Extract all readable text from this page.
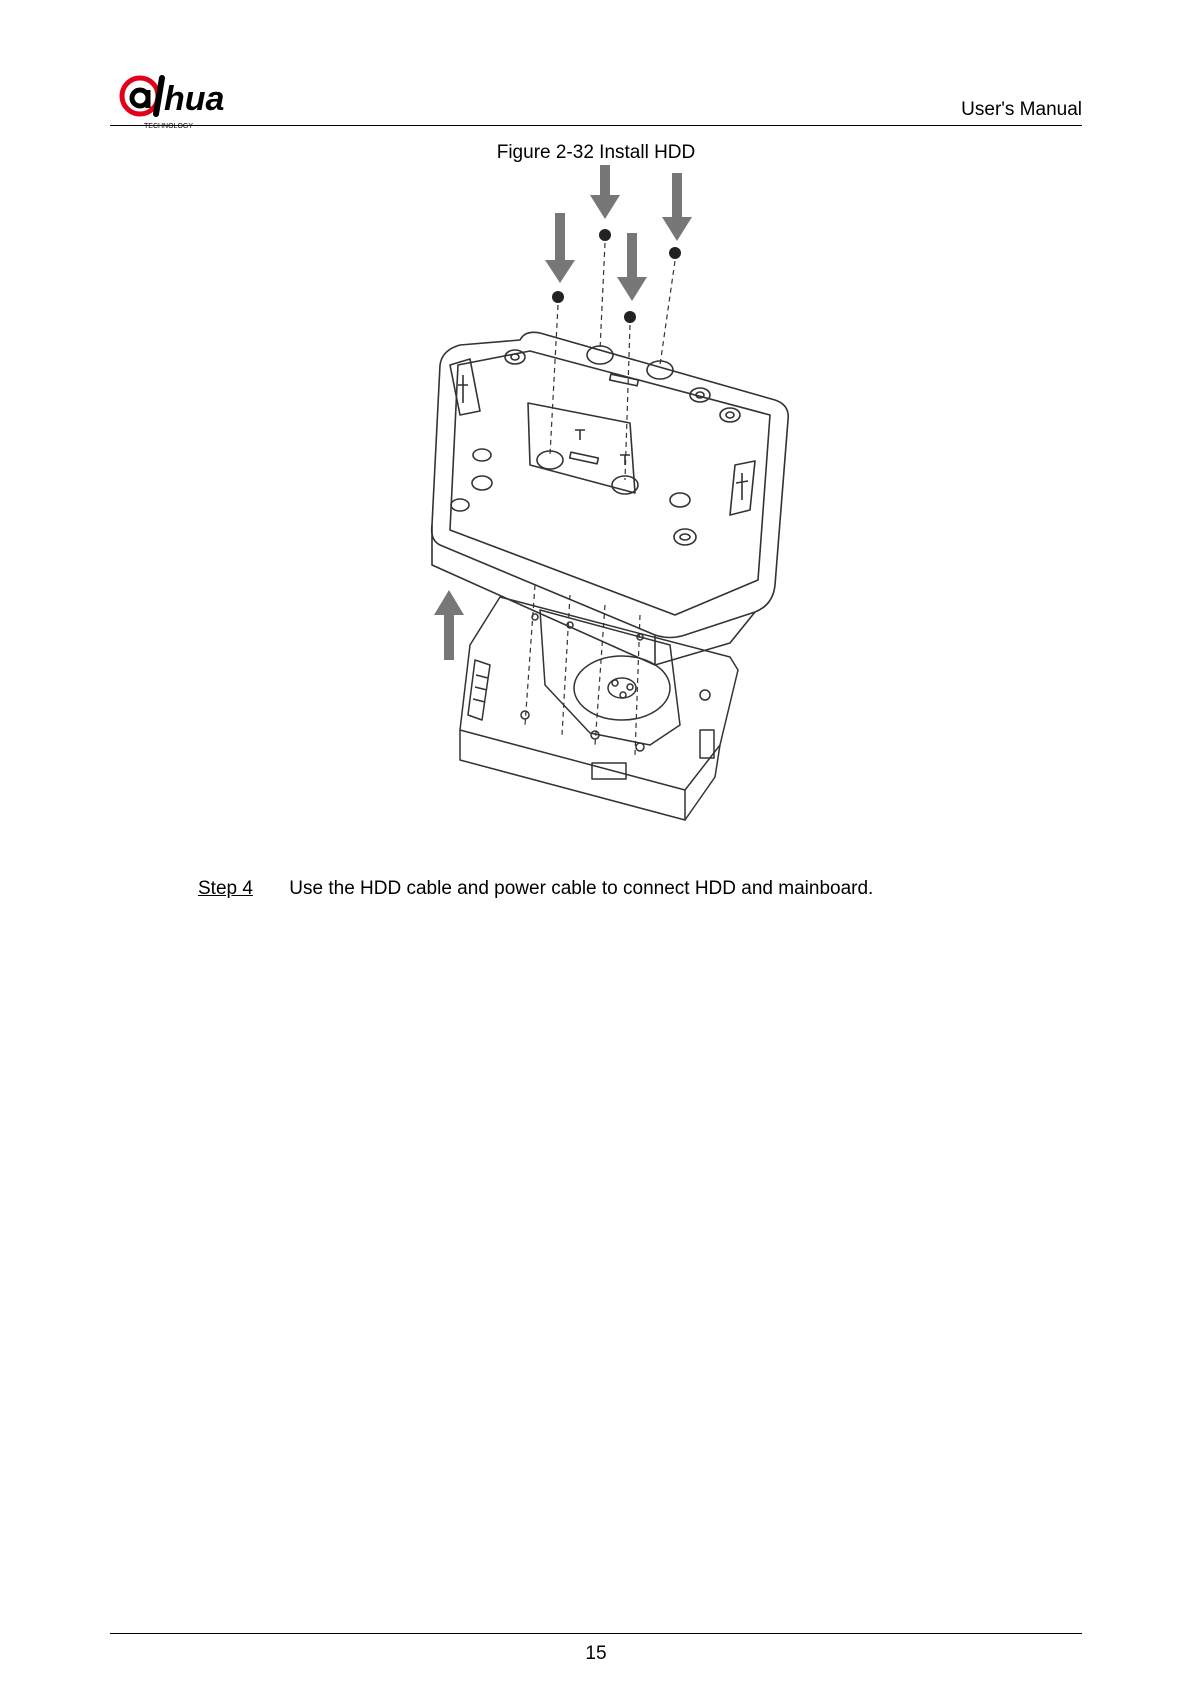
hua
TECHNOLOGY
User's Manual
Figure 2-32 Install HDD
Step 4 Use the HDD cable and power cable to connect HDD and mainboard.
15
